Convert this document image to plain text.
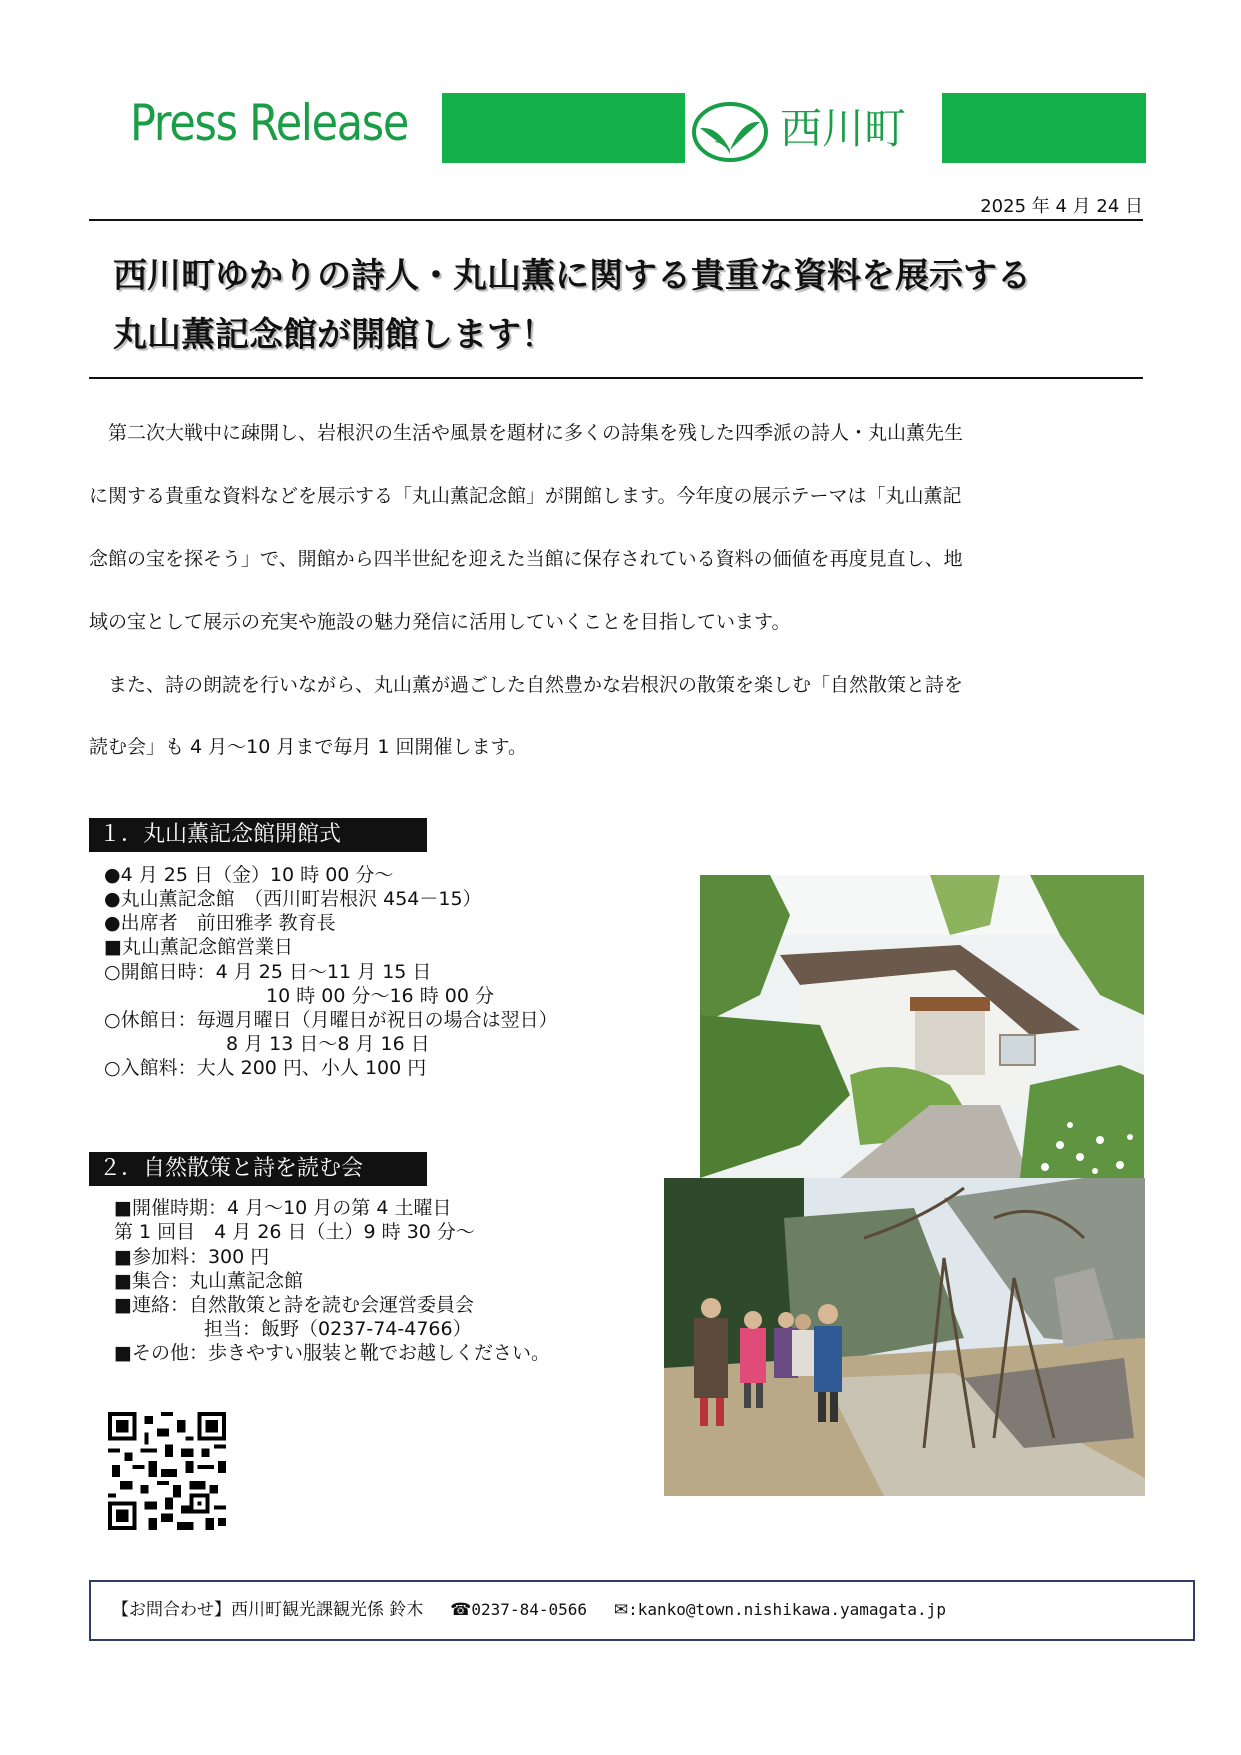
Press Release	西川町
2025 年 4 月 24 日
西川町ゆかりの詩人・丸山薫に関する貴重な資料を展示する
丸山薫記念館が開館します！
　第二次大戦中に疎開し、岩根沢の生活や風景を題材に多くの詩集を残した四季派の詩人・丸山薫先生
に関する貴重な資料などを展示する「丸山薫記念館」が開館します。今年度の展示テーマは「丸山薫記
念館の宝を探そう」で、開館から四半世紀を迎えた当館に保存されている資料の価値を再度見直し、地
域の宝として展示の充実や施設の魅力発信に活用していくことを目指しています。
　また、詩の朗読を行いながら、丸山薫が過ごした自然豊かな岩根沢の散策を楽しむ「自然散策と詩を
読む会」も 4 月～10 月まで毎月 1 回開催します。
１．丸山薫記念館開館式
●4 月 25 日（金）10 時 00 分～
●丸山薫記念館　（西川町岩根沢 454－15）
●出席者　前田雅孝 教育長
■丸山薫記念館営業日
○開館日時：4 月 25 日～11 月 15 日
10 時 00 分～16 時 00 分
○休館日：毎週月曜日（月曜日が祝日の場合は翌日）
8 月 13 日～8 月 16 日
○入館料：大人 200 円、小人 100 円
２．自然散策と詩を読む会
■開催時期：4 月～10 月の第 4 土曜日
第 1 回目　4 月 26 日（土）9 時 30 分～
■参加料：300 円
■集合：丸山薫記念館
■連絡：自然散策と詩を読む会運営委員会
担当：飯野（0237-74-4766）
■その他：歩きやすい服装と靴でお越しください。
【お問合わせ】西川町観光課観光係 鈴木 ☎0237-84-0566 ✉:kanko@town.nishikawa.yamagata.jp
